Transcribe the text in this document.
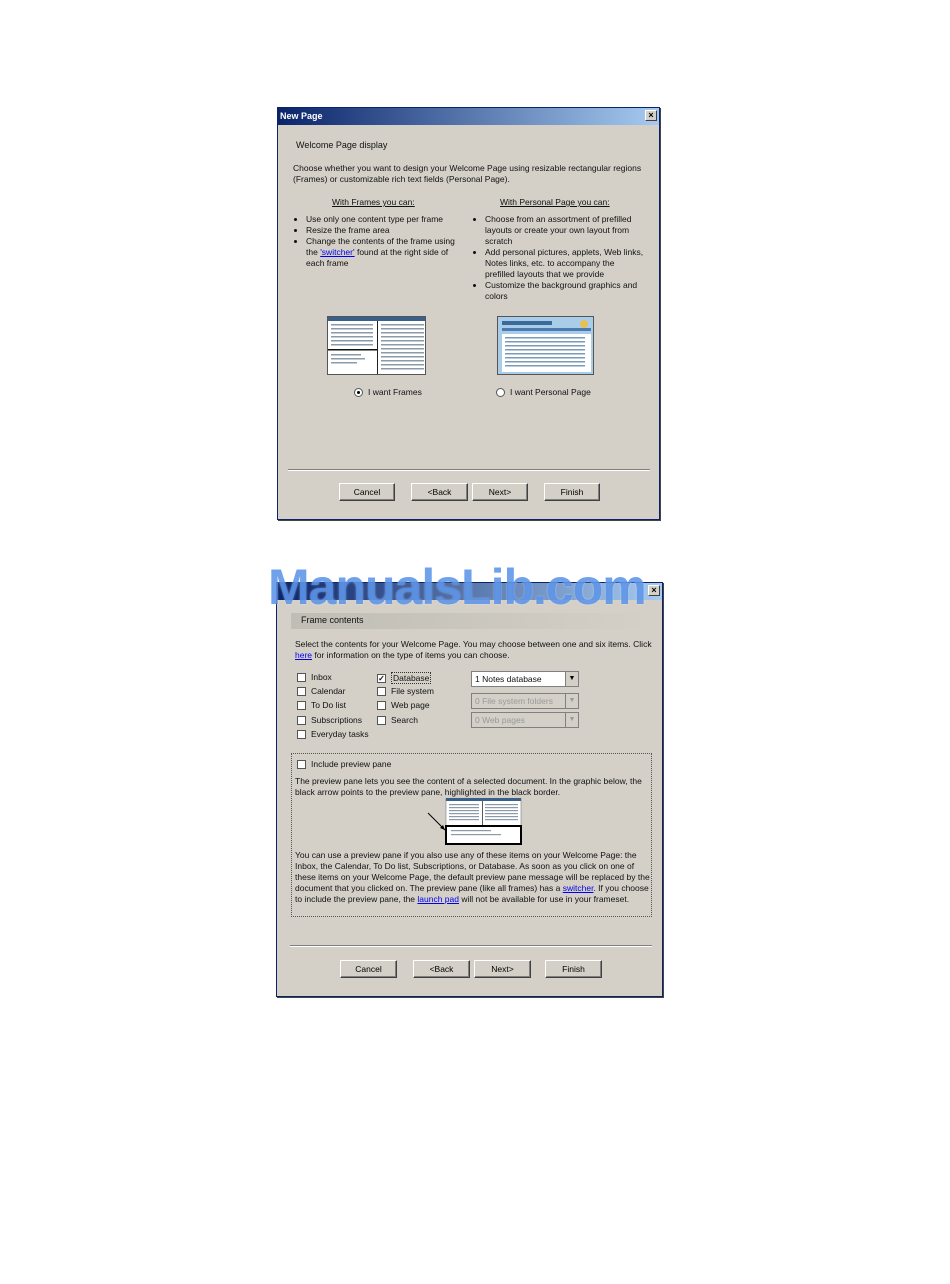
New Page	×
Welcome Page display
Choose whether you want to design your Welcome Page using resizable rectangular regions (Frames) or customizable rich text fields (Personal Page).
With Frames you can:
• Use only one content type per frame
• Resize the frame area
• Change the contents of the frame using the 'switcher' found at the right side of each frame
With Personal Page you can:
• Choose from an assortment of prefilled layouts or create your own layout from scratch
• Add personal pictures, applets, Web links, Notes links, etc. to accompany the prefilled layouts that we provide
• Customize the background graphics and colors
I want Frames	I want Personal Page
Cancel	<Back	Next>	Finish
×
Frame contents
Select the contents for your Welcome Page. You may choose between one and six items. Click here for information on the type of items you can choose.
Inbox
Calendar
To Do list
Subscriptions
Everyday tasks
✓ Database
File system
Web page
Search
1 Notes database	▼
0 File system folders	▼
0 Web pages	▼
Include preview pane
The preview pane lets you see the content of a selected document. In the graphic below, the black arrow points to the preview pane, highlighted in the black border.
You can use a preview pane if you also use any of these items on your Welcome Page: the Inbox, the Calendar, To Do list, Subscriptions, or Database. As soon as you click on one of these items on your Welcome Page, the default preview pane message will be replaced by the document that you clicked on. The preview pane (like all frames) has a switcher. If you choose to include the preview pane, the launch pad will not be available for use in your frameset.
Cancel	<Back	Next>	Finish
ManualsLib.com
